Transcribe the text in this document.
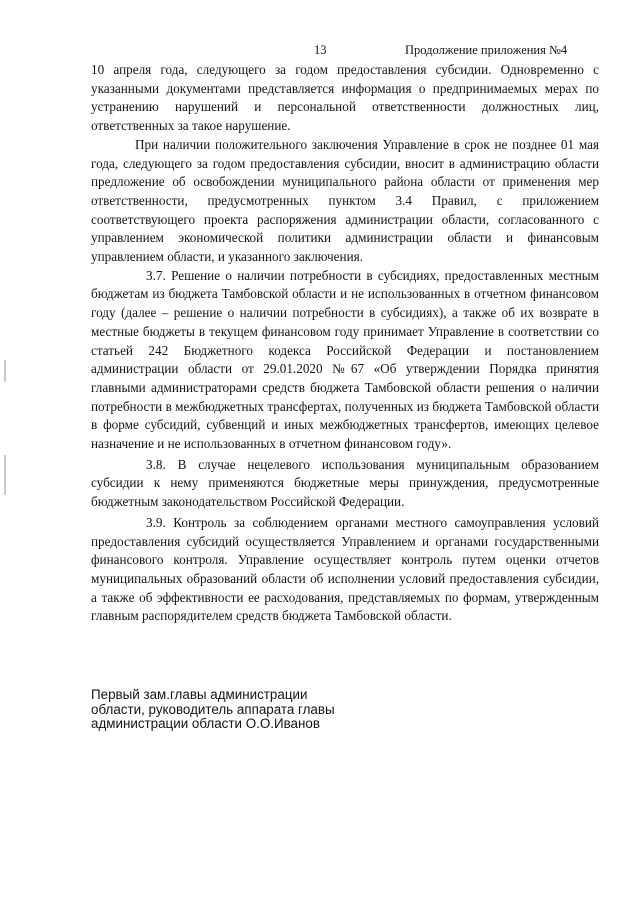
13	Продолжение приложения №4

10 апреля года, следующего за годом предоставления субсидии. Одновременно с указанными документами представляется информация о предпринимаемых мерах по устранению нарушений и персональной ответственности должностных лиц, ответственных за такое нарушение.

При наличии положительного заключения Управление в срок не позднее 01 мая года, следующего за годом предоставления субсидии, вносит в администрацию области предложение об освобождении муниципального района области от применения мер ответственности, предусмотренных пунктом 3.4 Правил, с приложением соответствующего проекта распоряжения администрации области, согласованного с управлением экономической политики администрации области и финансовым управлением области, и указанного заключения.

3.7. Решение о наличии потребности в субсидиях, предоставленных местным бюджетам из бюджета Тамбовской области и не использованных в отчетном финансовом году (далее – решение о наличии потребности в субсидиях), а также об их возврате в местные бюджеты в текущем финансовом году принимает Управление в соответствии со статьей 242 Бюджетного кодекса Российской Федерации и постановлением администрации области от 29.01.2020 №67 «Об утверждении Порядка принятия главными администраторами средств бюджета Тамбовской области решения о наличии потребности в межбюджетных трансфертах, полученных из бюджета Тамбовской области в форме субсидий, субвенций и иных межбюджетных трансфертов, имеющих целевое назначение и не использованных в отчетном финансовом году».

3.8. В случае нецелевого использования муниципальным образованием субсидии к нему применяются бюджетные меры принуждения, предусмотренные бюджетным законодательством Российской Федерации.

3.9. Контроль за соблюдением органами местного самоуправления условий предоставления субсидий осуществляется Управлением и органами государственными финансового контроля. Управление осуществляет контроль путем оценки отчетов муниципальных образований области об исполнении условий предоставления субсидии, а также об эффективности ее расходования, представляемых по формам, утвержденным главным распорядителем средств бюджета Тамбовской области.

Первый зам.главы администрации
области, руководитель аппарата главы
администрации области О.О.Иванов
